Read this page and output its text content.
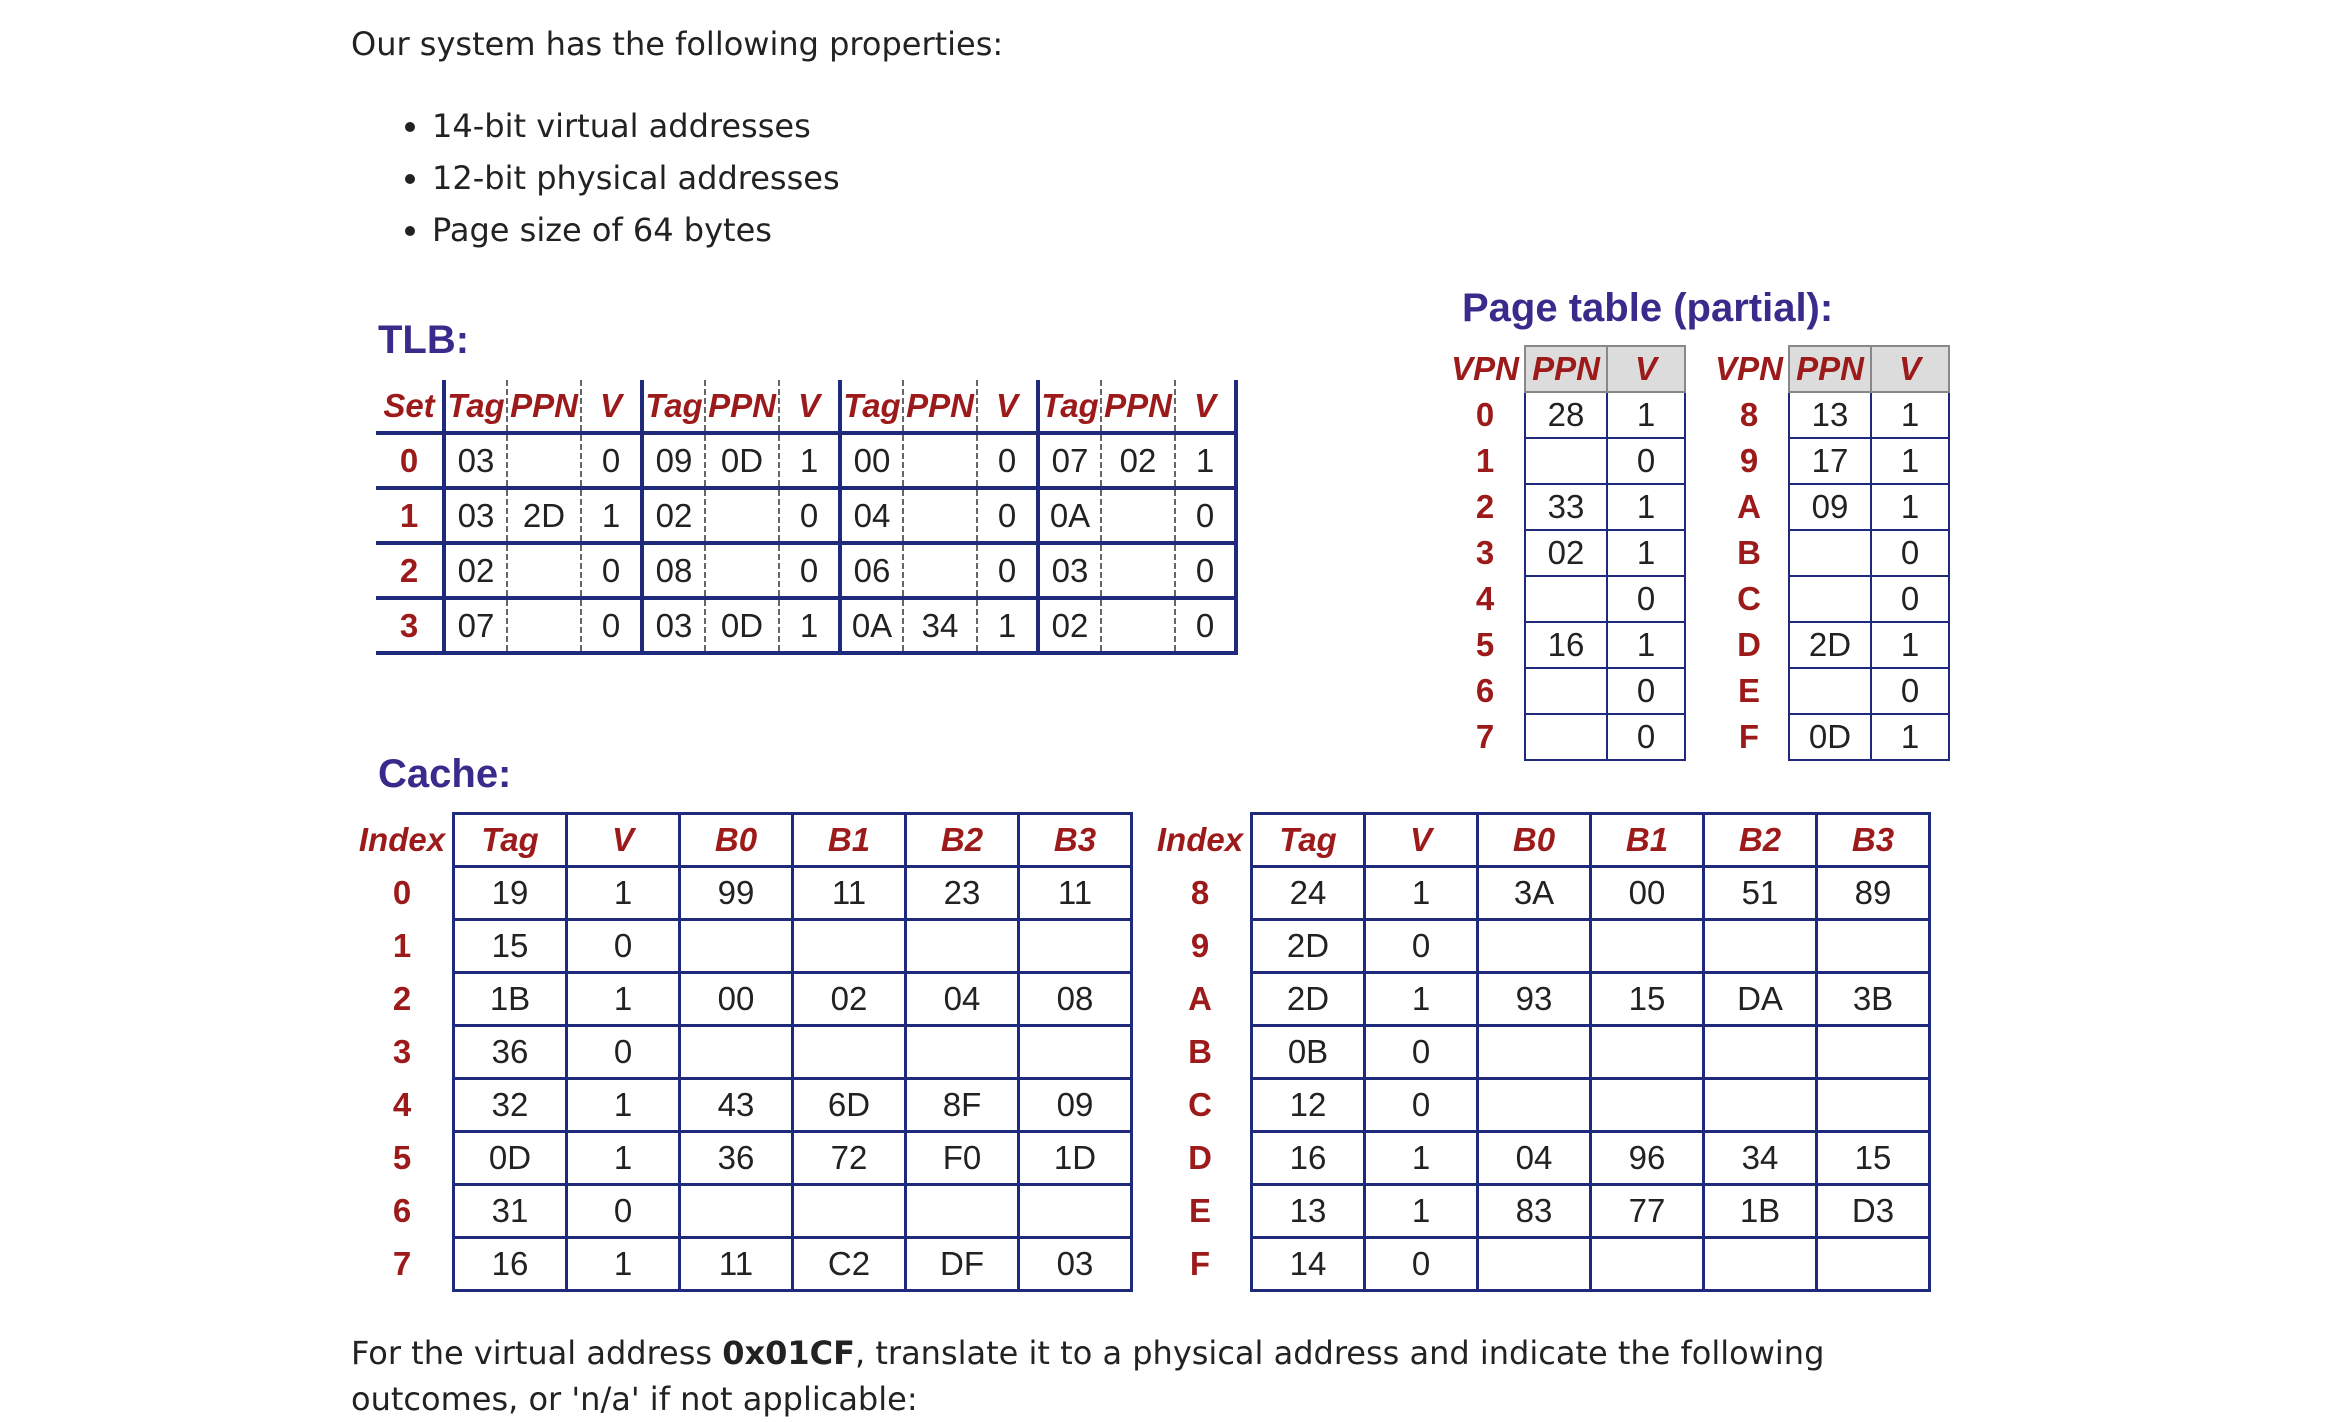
Our system has the following properties:
• 14-bit virtual addresses
• 12-bit physical addresses
• Page size of 64 bytes
TLB:
Set	Tag	PPN	V	Tag	PPN	V	Tag	PPN	V	Tag	PPN	V
0	03		0	09	0D	1	00		0	07	02	1
1	03	2D	1	02		0	04		0	0A		0
2	02		0	08		0	06		0	03		0
3	07		0	03	0D	1	0A	34	1	02		0
Page table (partial):
VPN	PPN	V
0	28	1
1		0
2	33	1
3	02	1
4		0
5	16	1
6		0
7		0
VPN	PPN	V
8	13	1
9	17	1
A	09	1
B		0
C		0
D	2D	1
E		0
F	0D	1
Cache:
Index	Tag	V	B0	B1	B2	B3
0	19	1	99	11	23	11
1	15	0				
2	1B	1	00	02	04	08
3	36	0				
4	32	1	43	6D	8F	09
5	0D	1	36	72	F0	1D
6	31	0				
7	16	1	11	C2	DF	03
Index	Tag	V	B0	B1	B2	B3
8	24	1	3A	00	51	89
9	2D	0				
A	2D	1	93	15	DA	3B
B	0B	0				
C	12	0				
D	16	1	04	96	34	15
E	13	1	83	77	1B	D3
F	14	0				
For the virtual address 0x01CF, translate it to a physical address and indicate the following outcomes, or 'n/a' if not applicable:
